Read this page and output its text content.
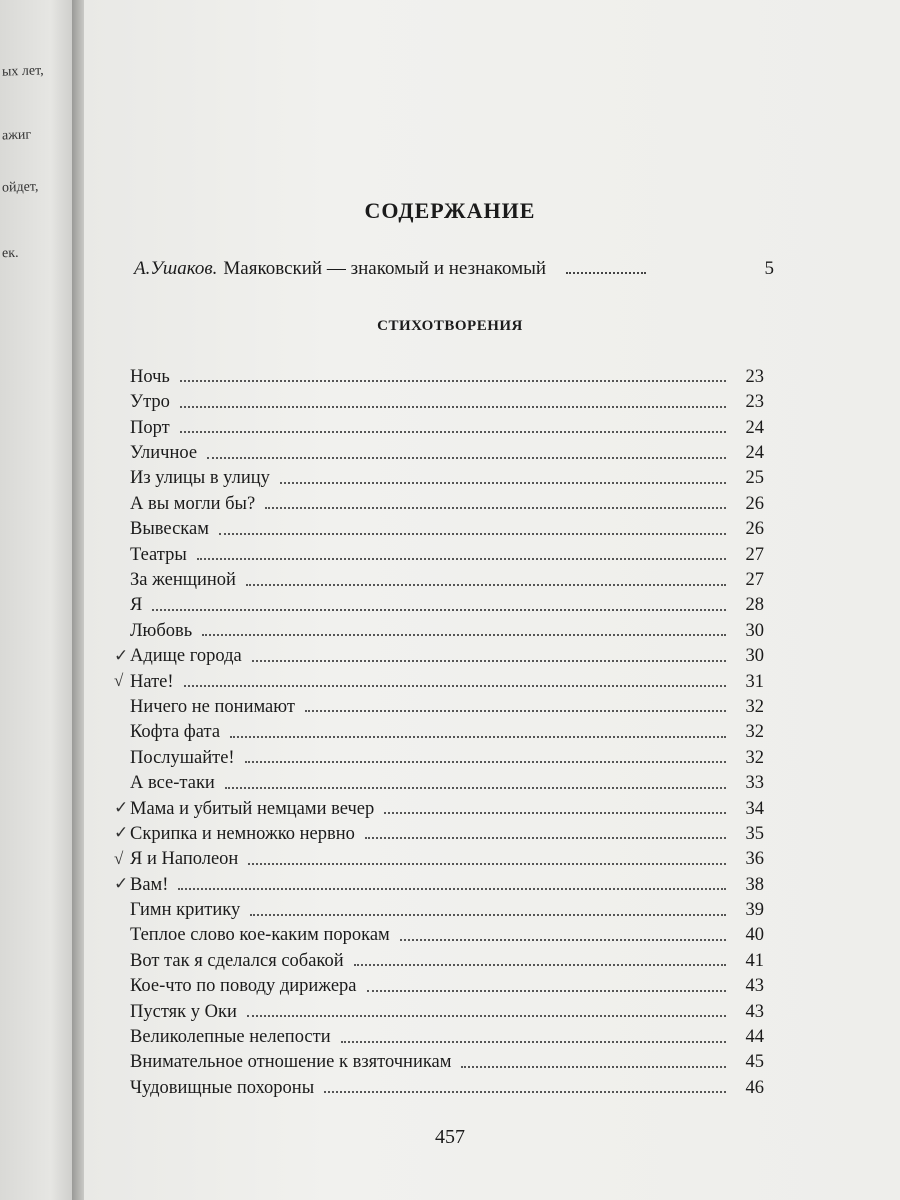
ых лет,
ажиг
ойдет,
ек.
СОДЕРЖАНИЕ
А.Ушаков. Маяковский — знакомый и незнакомый	5
СТИХОТВОРЕНИЯ
Ночь	23
Утро	23
Порт	24
Уличное	24
Из улицы в улицу	25
А вы могли бы?	26
Вывескам	26
Театры	27
За женщиной	27
Я	28
Любовь	30
✓ Адище города	30
√ Нате!	31
Ничего не понимают	32
Кофта фата	32
Послушайте!	32
А все-таки	33
✓ Мама и убитый немцами вечер	34
✓ Скрипка и немножко нервно	35
√ Я и Наполеон	36
✓ Вам!	38
Гимн критику	39
Теплое слово кое-каким порокам	40
Вот так я сделался собакой	41
Кое-что по поводу дирижера	43
Пустяк у Оки	43
Великолепные нелепости	44
Внимательное отношение к взяточникам	45
Чудовищные похороны	46
457
